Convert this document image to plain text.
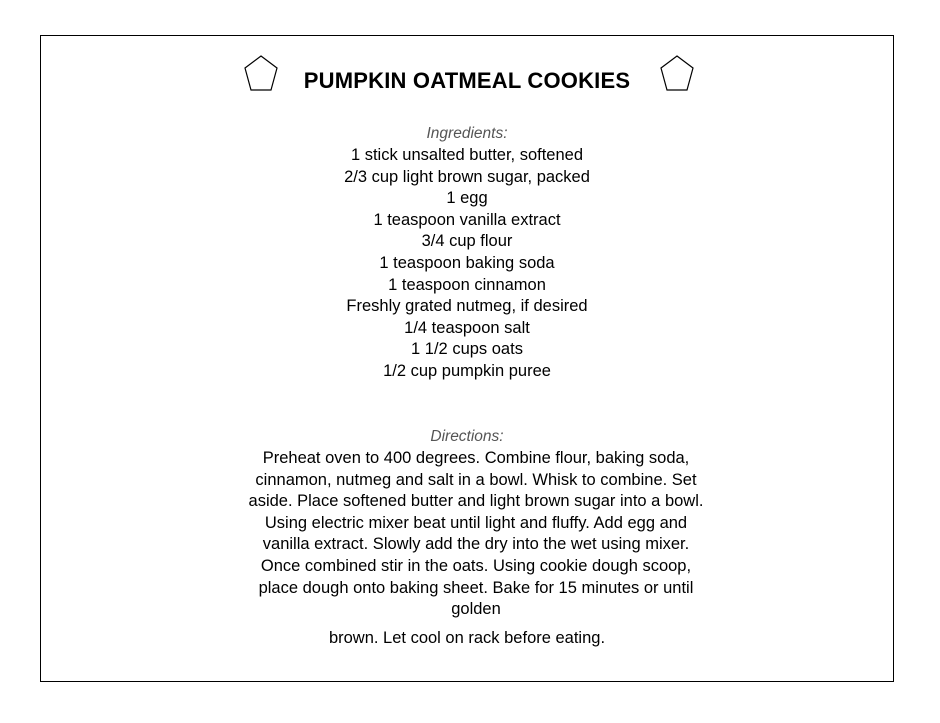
PUMPKIN OATMEAL COOKIES
Ingredients:
1 stick unsalted butter, softened
2/3 cup light brown sugar, packed
1 egg
1 teaspoon vanilla extract
3/4 cup flour
1 teaspoon baking soda
1 teaspoon cinnamon
Freshly grated nutmeg, if desired
1/4 teaspoon salt
1 1/2 cups oats
1/2 cup pumpkin puree
Directions:

Preheat oven to 400 degrees. Combine flour, baking soda, cinnamon, nutmeg and salt in a bowl. Whisk to combine. Set aside. Place softened butter and light brown sugar into a bowl. Using electric mixer beat until light and fluffy. Add egg and vanilla extract. Slowly add the dry into the wet using mixer. Once combined stir in the oats. Using cookie dough scoop, place dough onto baking sheet. Bake for 15 minutes or until golden

brown. Let cool on rack before eating.
